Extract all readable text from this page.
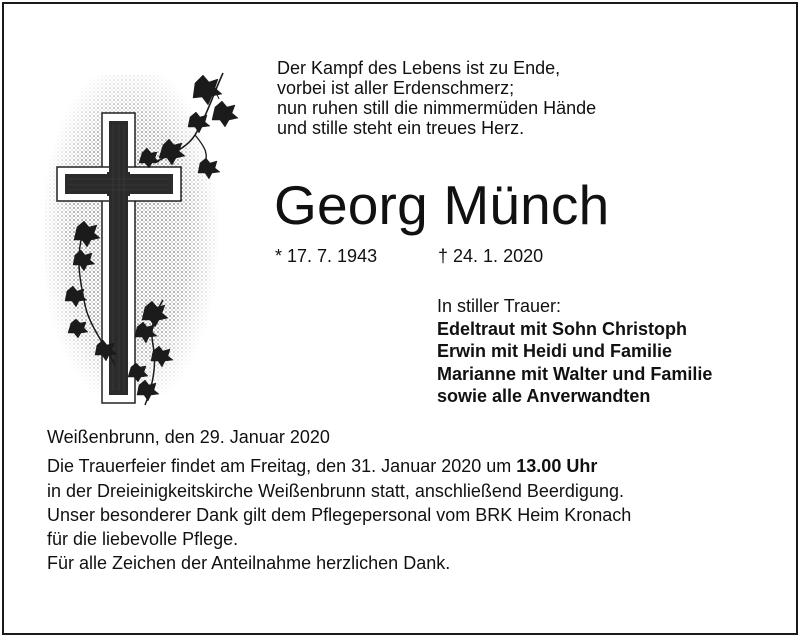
Der Kampf des Lebens ist zu Ende,
vorbei ist aller Erdenschmerz;
nun ruhen still die nimmermüden Hände
und stille steht ein treues Herz.
Georg Münch
* 17. 7. 1943	† 24. 1. 2020
In stiller Trauer:
Edeltraut mit Sohn Christoph
Erwin mit Heidi und Familie
Marianne mit Walter und Familie
sowie alle Anverwandten
Weißenbrunn, den 29. Januar 2020
Die Trauerfeier findet am Freitag, den 31. Januar 2020 um 13.00 Uhr
in der Dreieinigkeitskirche Weißenbrunn statt, anschließend Beerdigung.
Unser besonderer Dank gilt dem Pflegepersonal vom BRK Heim Kronach
für die liebevolle Pflege.
Für alle Zeichen der Anteilnahme herzlichen Dank.
